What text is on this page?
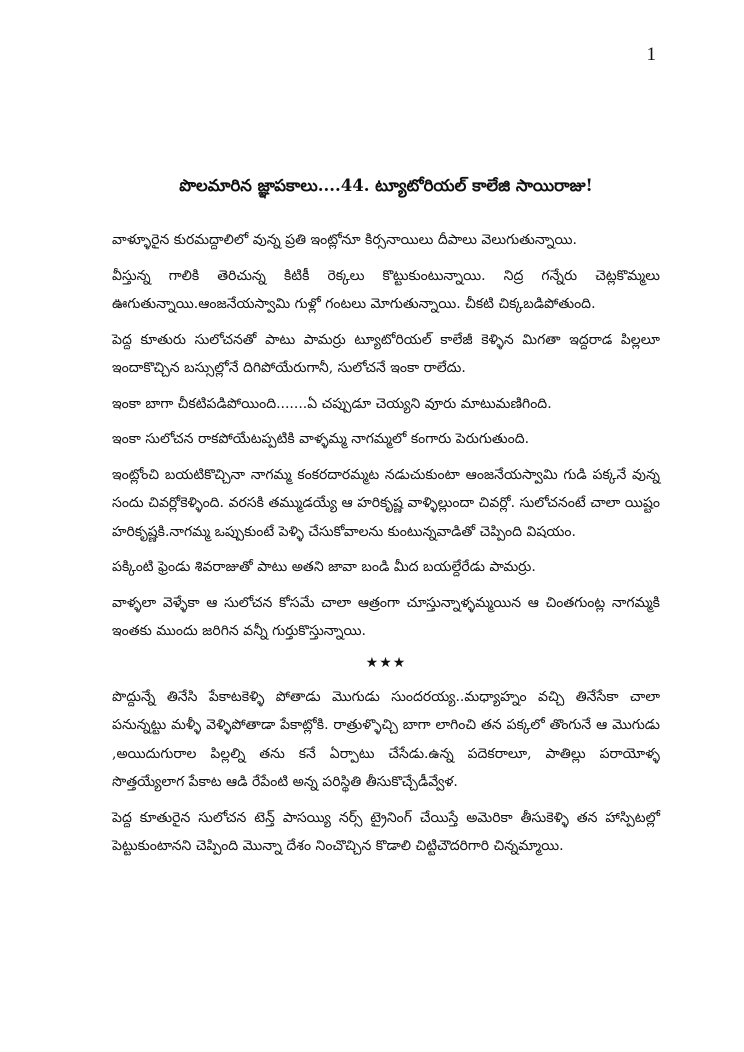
1
పొలమారిన జ్ఞాపకాలు....44. ట్యూటోరియల్ కాలేజి సాయిరాజు!

వాళ్ళూరైన కురమద్దాలిలో వున్న ప్రతి ఇంట్లోనూ కిర్సనాయిలు దీపాలు వెలుగుతున్నాయి.

వీస్తున్న గాలికి తెరిచున్న కిటికీ రెక్కలు కొట్టుకుంటున్నాయి. నిద్ర గన్నేరు చెట్లకొమ్మలు ఊగుతున్నాయి.ఆంజనేయస్వామి గుళ్లో గంటలు మోగుతున్నాయి. చీకటి చిక్కబడిపోతుంది.

పెద్ద కూతురు సులోచనతో పాటు పామర్రు ట్యూటోరియల్ కాలేజీ కెళ్ళిన మిగతా ఇద్దరాడ పిల్లలూ ఇందాకొచ్చిన బస్సుల్లోనే దిగిపోయేరుగానీ, సులోచనే ఇంకా రాలేదు.

ఇంకా బాగా చీకటిపడిపోయింది.......ఏ చప్పుడూ చెయ్యని వూరు మాటుమణిగింది.

ఇంకా సులోచన రాకపోయేటప్పటికి వాళ్ళమ్మ నాగమ్మలో కంగారు పెరుగుతుంది.

ఇంట్లోంచి బయటికొచ్చినా నాగమ్మ కంకరదారమ్మట నడుచుకుంటా ఆంజనేయస్వామి గుడి పక్కనే వున్న సందు చివర్లోకెళ్ళింది. వరసకి తమ్ముడయ్యే ఆ హరికృష్ణ వాళ్ళిల్లుందా చివర్లో. సులోచనంటే చాలా యిష్టం హరికృష్ణకి.నాగమ్మ ఒప్పుకుంటే పెళ్ళి చేసుకోవాలను కుంటున్నవాడితో చెప్పింది విషయం.

పక్కింటి ఫ్రెండు శివరాజుతో పాటు అతని జావా బండి మీద బయల్దేరేడు పామర్రు.

వాళ్ళలా వెళ్ళేకా ఆ సులోచన కోసమే చాలా ఆత్రంగా చూస్తున్నాళ్ళమ్మయిన ఆ చింతగుంట్ల నాగమ్మకి ఇంతకు ముందు జరిగిన వన్నీ గుర్తుకొస్తున్నాయి.

★★★

పొద్దున్నే తినేసి పేకాటకెళ్ళి పోతాడు మొగుడు సుందరయ్య..మధ్యాహ్నం వచ్చి తినేసేకా చాలా పనున్నట్టు మళ్ళీ వెళ్ళిపోతాడా పేకాట్లోకి. రాత్రుళ్ళొచ్చి బాగా లాగించి తన పక్కలో తొంగునే ఆ మొగుడు ,అయిదుగురాల పిల్లల్ని తను కనే ఏర్పాటు చేసేడు.ఉన్న పదెకరాలూ, పాతిల్లు పరాయోళ్ళ సొత్తయ్యేలాగ పేకాట ఆడి రేపేంటి అన్న పరిస్థితి తీసుకొచ్చేడీవ్వేళ.

పెద్ద కూతురైన సులోచన టెన్త్ పాసయ్యి నర్స్ ట్రైనింగ్ చేయిస్తే అమెరికా తీసుకెళ్ళి తన హాస్పిటల్లో పెట్టుకుంటానని చెప్పింది మొన్నా దేశం నించొచ్చిన కొడాలి చిట్టిచౌదరిగారి చిన్నమ్మాయి.
